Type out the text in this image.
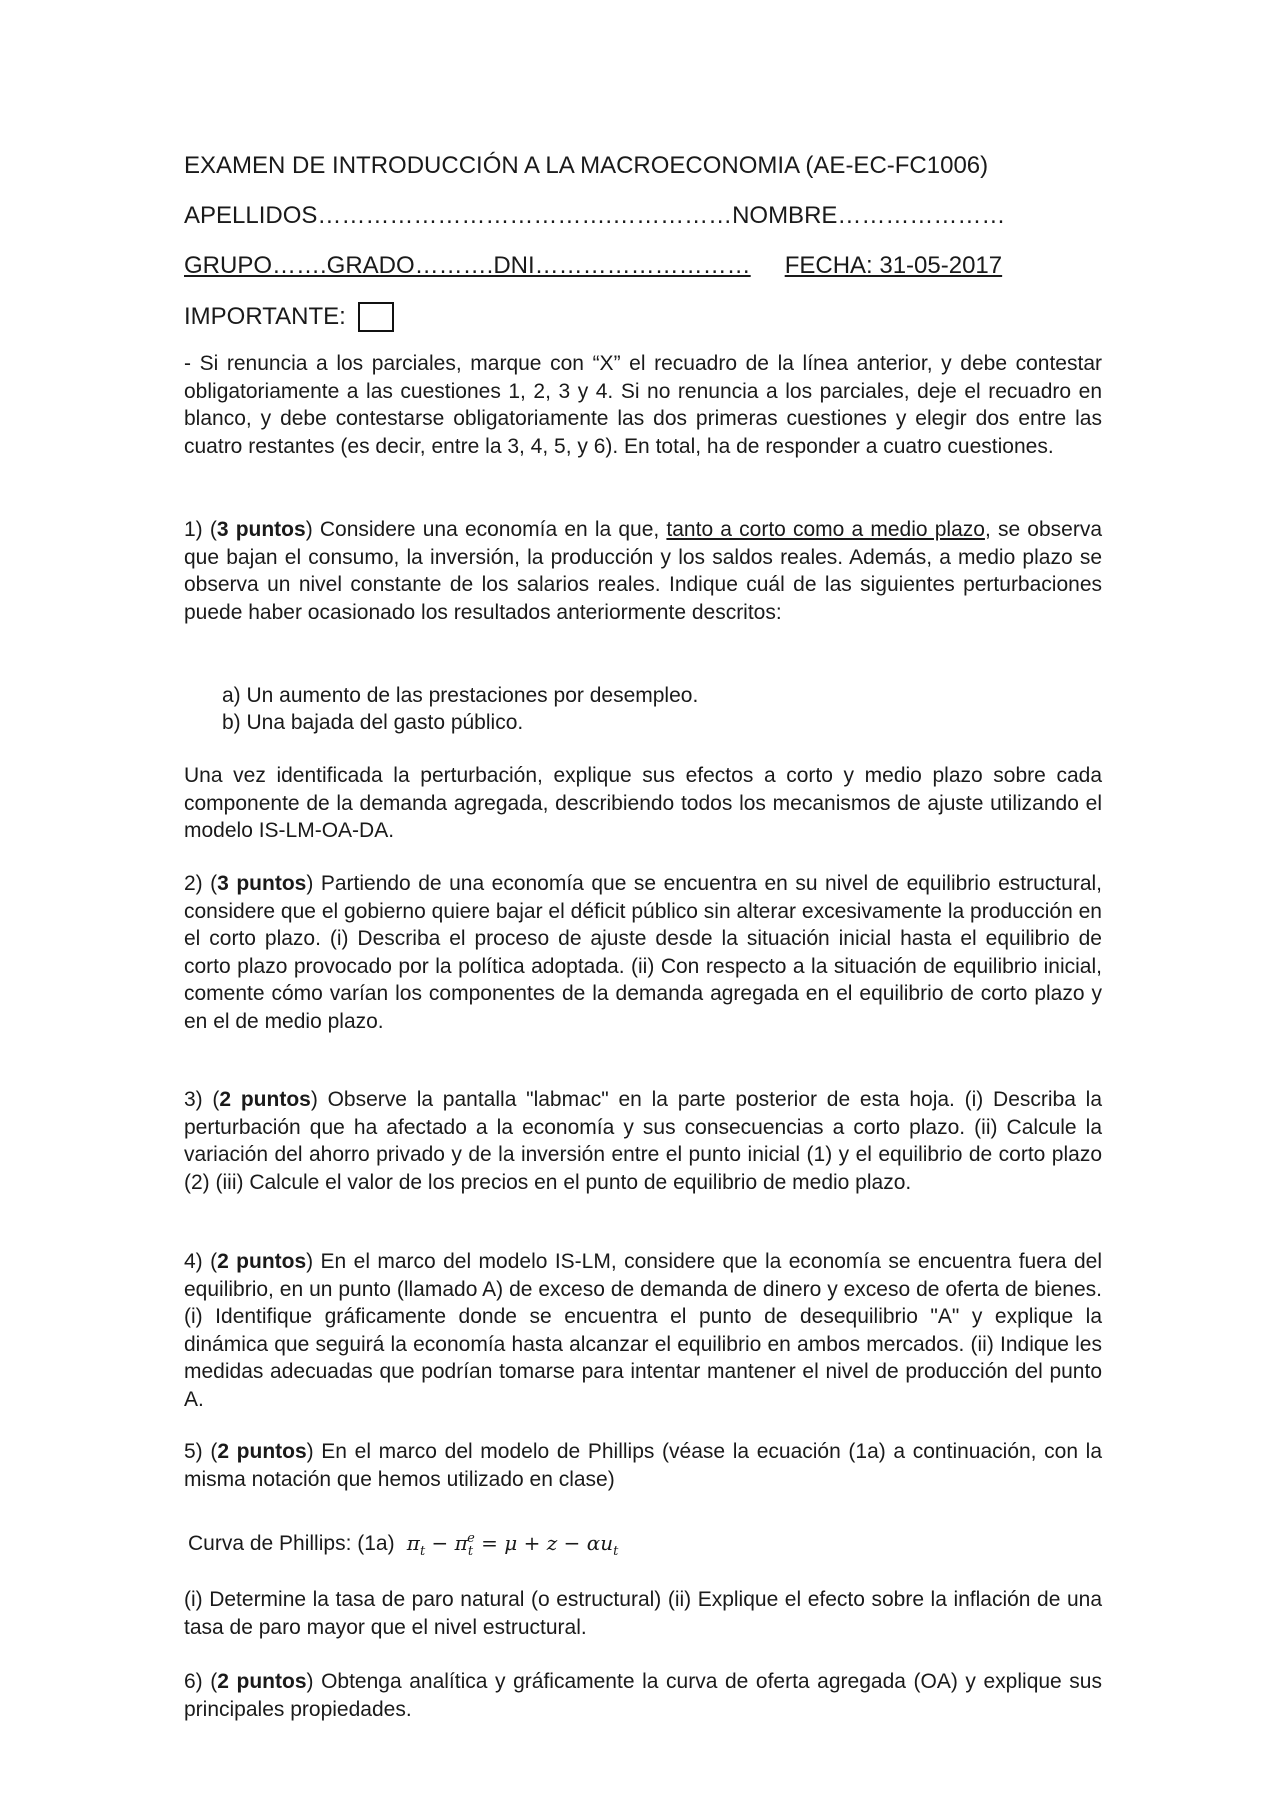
EXAMEN DE INTRODUCCIÓN A LA MACROECONOMIA (AE-EC-FC1006)
APELLIDOS……………………………….……………NOMBRE…………………
GRUPO…….GRADO……….DNI……………………… FECHA: 31-05-2017
IMPORTANTE:

- Si renuncia a los parciales, marque con “X” el recuadro de la línea anterior, y debe contestar obligatoriamente a las cuestiones 1, 2, 3 y 4. Si no renuncia a los parciales, deje el recuadro en blanco, y debe contestarse obligatoriamente las dos primeras cuestiones y elegir dos entre las cuatro restantes (es decir, entre la 3, 4, 5, y 6). En total, ha de responder a cuatro cuestiones.

1) (3 puntos) Considere una economía en la que, tanto a corto como a medio plazo, se observa que bajan el consumo, la inversión, la producción y los saldos reales. Además, a medio plazo se observa un nivel constante de los salarios reales. Indique cuál de las siguientes perturbaciones puede haber ocasionado los resultados anteriormente descritos:

a) Un aumento de las prestaciones por desempleo.
b) Una bajada del gasto público.

Una vez identificada la perturbación, explique sus efectos a corto y medio plazo sobre cada componente de la demanda agregada, describiendo todos los mecanismos de ajuste utilizando el modelo IS-LM-OA-DA.

2) (3 puntos) Partiendo de una economía que se encuentra en su nivel de equilibrio estructural, considere que el gobierno quiere bajar el déficit público sin alterar excesivamente la producción en el corto plazo. (i) Describa el proceso de ajuste desde la situación inicial hasta el equilibrio de corto plazo provocado por la política adoptada. (ii) Con respecto a la situación de equilibrio inicial, comente cómo varían los componentes de la demanda agregada en el equilibrio de corto plazo y en el de medio plazo.

3) (2 puntos) Observe la pantalla "labmac" en la parte posterior de esta hoja. (i) Describa la perturbación que ha afectado a la economía y sus consecuencias a corto plazo. (ii) Calcule la variación del ahorro privado y de la inversión entre el punto inicial (1) y el equilibrio de corto plazo (2) (iii) Calcule el valor de los precios en el punto de equilibrio de medio plazo.

4) (2 puntos) En el marco del modelo IS-LM, considere que la economía se encuentra fuera del equilibrio, en un punto (llamado A) de exceso de demanda de dinero y exceso de oferta de bienes. (i) Identifique gráficamente donde se encuentra el punto de desequilibrio "A" y explique la dinámica que seguirá la economía hasta alcanzar el equilibrio en ambos mercados. (ii) Indique les medidas adecuadas que podrían tomarse para intentar mantener el nivel de producción del punto A.

5) (2 puntos) En el marco del modelo de Phillips (véase la ecuación (1a) a continuación, con la misma notación que hemos utilizado en clase)

Curva de Phillips: (1a) $\pi_t - \pi_t^e = \mu + z - \alpha u_t$

(i) Determine la tasa de paro natural (o estructural) (ii) Explique el efecto sobre la inflación de una tasa de paro mayor que el nivel estructural.

6) (2 puntos) Obtenga analítica y gráficamente la curva de oferta agregada (OA) y explique sus principales propiedades.
